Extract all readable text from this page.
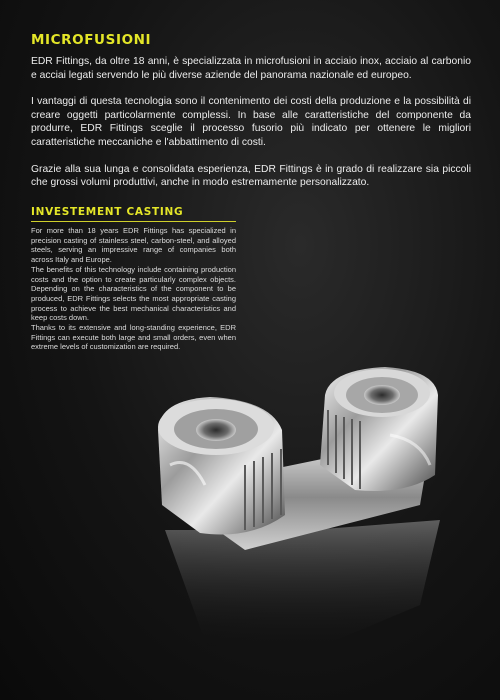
MICROFUSIONI

EDR Fittings, da oltre 18 anni, è specializzata in microfusioni in acciaio inox, acciaio al carbonio e acciai legati servendo le più diverse aziende del panorama nazionale ed europeo.

I vantaggi di questa tecnologia sono il contenimento dei costi della produzione e la possibilità di creare oggetti particolarmente complessi. In base alle caratteristiche del componente da produrre, EDR Fittings sceglie il processo fusorio più indicato per ottenere le migliori caratteristiche meccaniche e l'abbattimento di costi.

Grazie alla sua lunga e consolidata esperienza, EDR Fittings è in grado di realizzare sia piccoli che grossi volumi produttivi, anche in modo estremamente personalizzato.

INVESTEMENT CASTING

For more than 18 years EDR Fittings has specialized in precision casting of stainless steel, carbon-steel, and alloyed steels, serving an impressive range of companies both across Italy and Europe.

The benefits of this technology include containing production costs and the option to create particularly complex objects. Depending on the characteristics of the component to be produced, EDR Fittings selects the most appropriate casting process to achieve the best mechanical characteristics and keep costs down.

Thanks to its extensive and long-standing experience, EDR Fittings can execute both large and small orders, even when extreme levels of customization are required.
